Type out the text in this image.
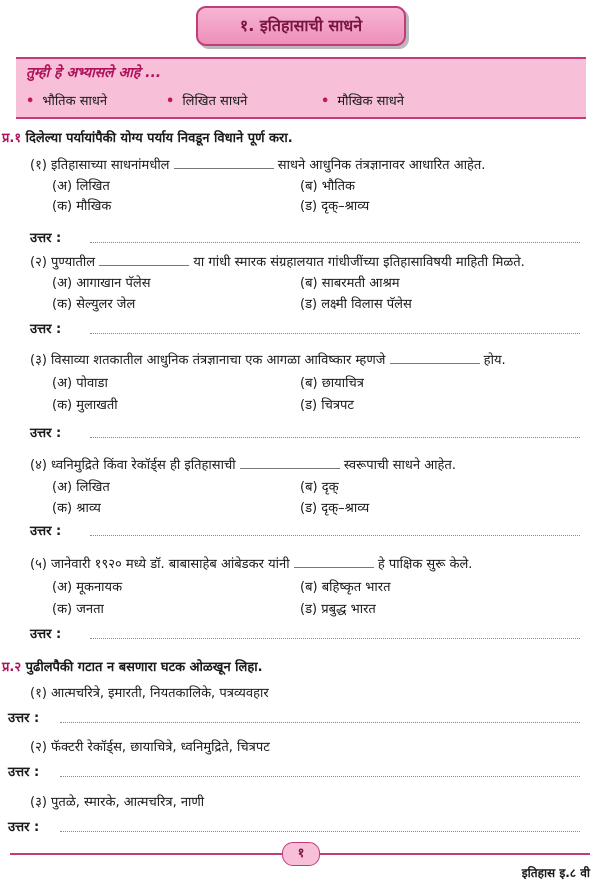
१. इतिहासाची साधने
तुम्ही हे अभ्यासले आहे ...
• भौतिक साधने	• लिखित साधने	• मौखिक साधने
प्र.१ दिलेल्या पर्यायांपैकी योग्य पर्याय निवडून विधाने पूर्ण करा.
(१) इतिहासाच्या साधनांमधील	साधने आधुनिक तंत्रज्ञानावर आधारित आहेत.
(अ) लिखित	(ब) भौतिक
(क) मौखिक	(ड) दृक्–श्राव्य
उत्तर :
(२) पुण्यातील	या गांधी स्मारक संग्रहालयात गांधीजींच्या इतिहासाविषयी माहिती मिळते.
(अ) आगाखान पॅलेस	(ब) साबरमती आश्रम
(क) सेल्युलर जेल	(ड) लक्ष्मी विलास पॅलेस
उत्तर :
(३) विसाव्या शतकातील आधुनिक तंत्रज्ञानाचा एक आगळा आविष्कार म्हणजे	होय.
(अ) पोवाडा	(ब) छायाचित्र
(क) मुलाखती	(ड) चित्रपट
उत्तर :
(४) ध्वनिमुद्रिते किंवा रेकॉर्ड्स ही इतिहासाची	स्वरूपाची साधने आहेत.
(अ) लिखित	(ब) दृक्
(क) श्राव्य	(ड) दृक्–श्राव्य
उत्तर :
(५) जानेवारी १९२० मध्ये डॉ. बाबासाहेब आंबेडकर यांनी	हे पाक्षिक सुरू केले.
(अ) मूकनायक	(ब) बहिष्कृत भारत
(क) जनता	(ड) प्रबुद्ध भारत
उत्तर :
प्र.२ पुढीलपैकी गटात न बसणारा घटक ओळखून लिहा.
(१) आत्मचरित्रे, इमारती, नियतकालिके, पत्रव्यवहार
उत्तर :
(२) फॅक्टरी रेकॉर्ड्स, छायाचित्रे, ध्वनिमुद्रिते, चित्रपट
उत्तर :
(३) पुतळे, स्मारके, आत्मचरित्र, नाणी
उत्तर :
१
इतिहास इ.८ वी
